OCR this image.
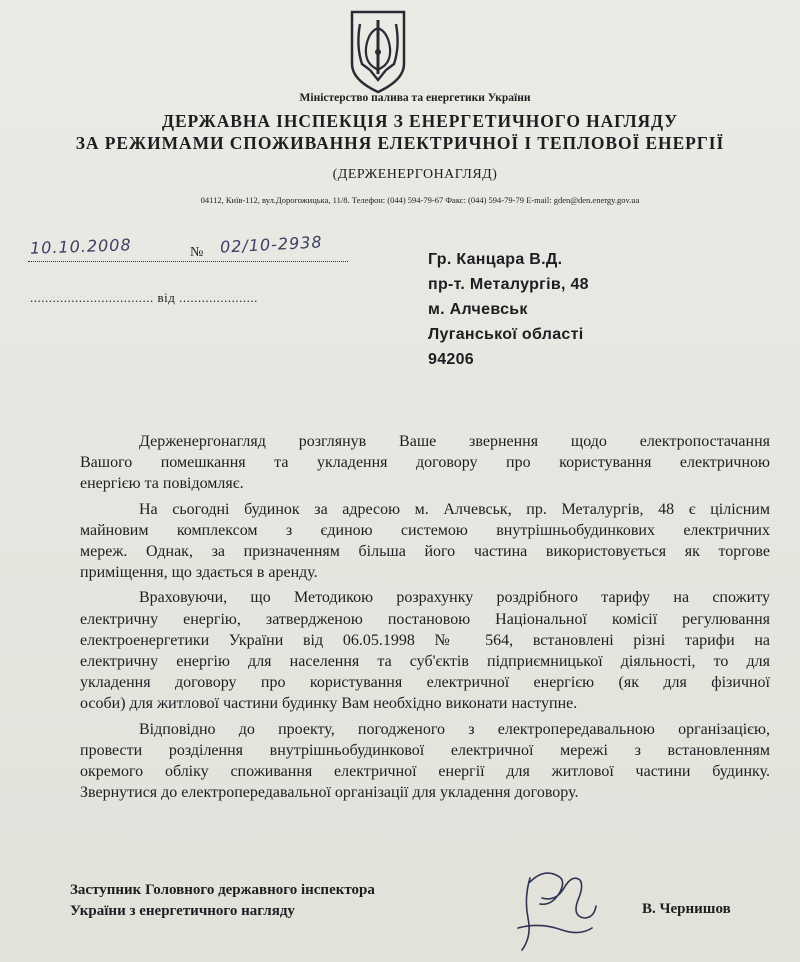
Міністерство палива та енергетики України
ДЕРЖАВНА ІНСПЕКЦІЯ З ЕНЕРГЕТИЧНОГО НАГЛЯДУ
ЗА РЕЖИМАМИ СПОЖИВАННЯ ЕЛЕКТРИЧНОЇ І ТЕПЛОВОЇ ЕНЕРГІЇ
(ДЕРЖЕНЕРГОНАГЛЯД)
04112, Київ-112, вул.Дорогожицька, 11/8. Телефон: (044) 594-79-67 Факс: (044) 594-79-79 E-mail: gden@den.energy.gov.ua
10.10.2008	№ 02/10-2938
................................. від .....................
Гр. Канцара В.Д.
пр-т. Металургів, 48
м. Алчевськ
Луганської області
94206

Держенергонагляд розглянув Ваше звернення щодо електропостачання
Вашого помешкання та укладення договору про користування електричною
енергією та повідомляє.

На сьогодні будинок за адресою м. Алчевськ, пр. Металургів, 48 є цілісним
майновим комплексом з єдиною системою внутрішньобудинкових електричних
мереж. Однак, за призначенням більша його частина використовується як торгове
приміщення, що здається в аренду.

Враховуючи, що Методикою розрахунку роздрібного тарифу на спожиту
електричну енергію, затвердженою постановою Національної комісії регулювання
електроенергетики України від 06.05.1998 № 564, встановлені різні тарифи на
електричну енергію для населення та суб'єктів підприємницької діяльності, то для
укладення договору про користування електричної енергією (як для фізичної
особи) для житлової частини будинку Вам необхідно виконати наступне.

Відповідно до проекту, погодженого з електропередавальною організацією,
провести розділення внутрішньобудинкової електричної мережі з встановленням
окремого обліку споживання електричної енергії для житлової частини будинку.
Звернутися до електропередавальної організації для укладення договору.

Заступник Головного державного інспектора
України з енергетичного нагляду	В. Чернишов
